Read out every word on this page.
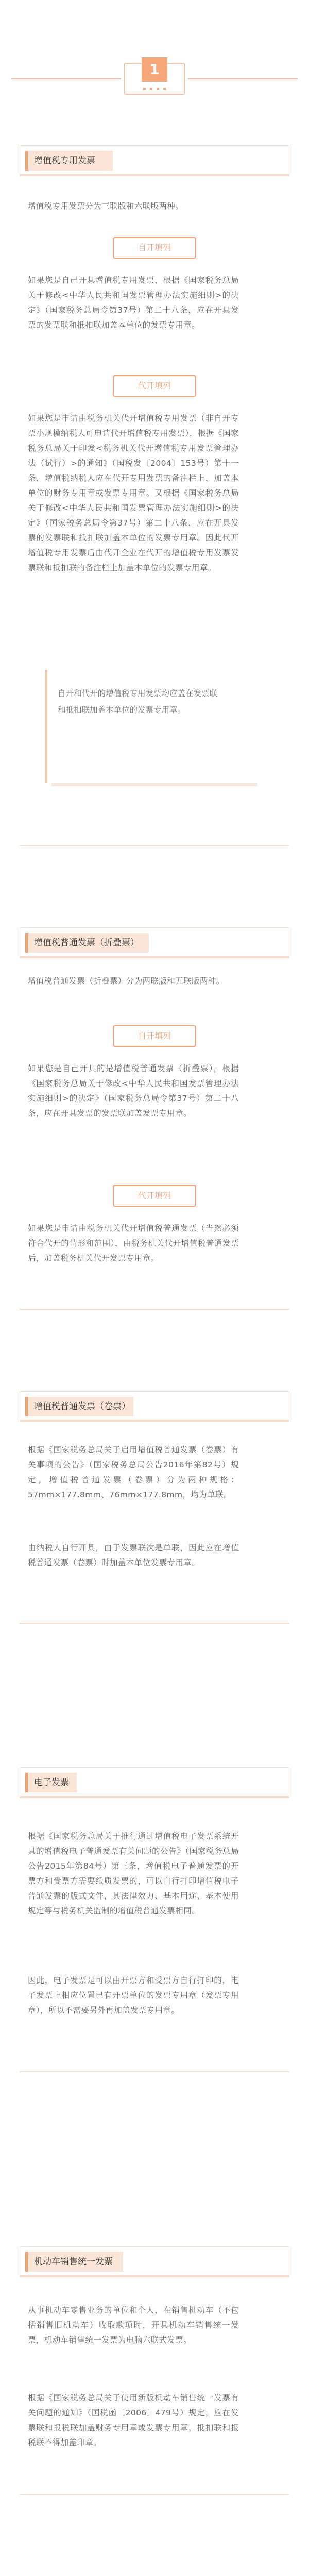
1
增值税专用发票
增值税专用发票分为三联版和六联版两种。
自开填列
如果您是自己开具增值税专用发票，根据《国家税务总局关于修改<中华人民共和国发票管理办法实施细则>的决定》（国家税务总局令第37号）第二十八条，应在开具发票的发票联和抵扣联加盖本单位的发票专用章。
代开填列
如果您是申请由税务机关代开增值税专用发票（非自开专票小规模纳税人可申请代开增值税专用发票），根据《国家税务总局关于印发<税务机关代开增值税专用发票管理办法（试行）>的通知》（国税发〔2004〕153号）第十一条，增值税纳税人应在代开专用发票的备注栏上，加盖本单位的财务专用章或发票专用章。又根据《国家税务总局关于修改<中华人民共和国发票管理办法实施细则>的决定》（国家税务总局令第37号）第二十八条，应在开具发票的发票联和抵扣联加盖本单位的发票专用章。因此代开增值税专用发票后由代开企业在代开的增值税专用发票发票联和抵扣联的备注栏上加盖本单位的发票专用章。
自开和代开的增值税专用发票均应盖在发票联和抵扣联加盖本单位的发票专用章。
增值税普通发票（折叠票）
增值税普通发票（折叠票）分为两联版和五联版两种。
自开填列
如果您是自己开具的是增值税普通发票（折叠票），根据《国家税务总局关于修改<中华人民共和国发票管理办法实施细则>的决定》（国家税务总局令第37号）第二十八条，应在开具发票的发票联加盖发票专用章。
代开填列
如果您是申请由税务机关代开增值税普通发票（当然必须符合代开的情形和范围），由税务机关代开增值税普通发票后，加盖税务机关代开发票专用章。
增值税普通发票（卷票）
根据《国家税务总局关于启用增值税普通发票（卷票）有关事项的公告》（国家税务总局公告2016年第82号）规定，增值税普通发票（卷票）分为两种规格：57mm×177.8mm、76mm×177.8mm，均为单联。
由纳税人自行开具，由于发票联次是单联，因此应在增值税普通发票（卷票）时加盖本单位发票专用章。
电子发票
根据《国家税务总局关于推行通过增值税电子发票系统开具的增值税电子普通发票有关问题的公告》（国家税务总局公告2015年第84号）第三条，增值税电子普通发票的开票方和受票方需要纸质发票的，可以自行打印增值税电子普通发票的版式文件，其法律效力、基本用途、基本使用规定等与税务机关监制的增值税普通发票相同。
因此，电子发票是可以由开票方和受票方自行打印的，电子发票上相应位置已有开票单位的发票专用章（发票专用章），所以不需要另外再加盖发票专用章。
机动车销售统一发票
从事机动车零售业务的单位和个人，在销售机动车（不包括销售旧机动车）收取款项时，开具机动车销售统一发票，机动车销售统一发票为电脑六联式发票。
根据《国家税务总局关于使用新版机动车销售统一发票有关问题的通知》（国税函〔2006〕479号）规定，应在发票联和报税联加盖财务专用章或发票专用章，抵扣联和报税联不得加盖印章。
